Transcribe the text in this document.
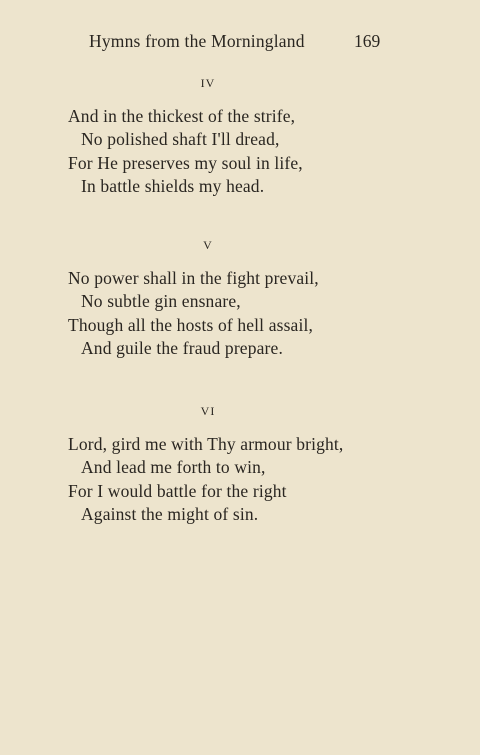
Hymns from the Morningland	169
IV
And in the thickest of the strife,
No polished shaft I'll dread,
For He preserves my soul in life,
In battle shields my head.
V
No power shall in the fight prevail,
No subtle gin ensnare,
Though all the hosts of hell assail,
And guile the fraud prepare.
VI
Lord, gird me with Thy armour bright,
And lead me forth to win,
For I would battle for the right
Against the might of sin.
